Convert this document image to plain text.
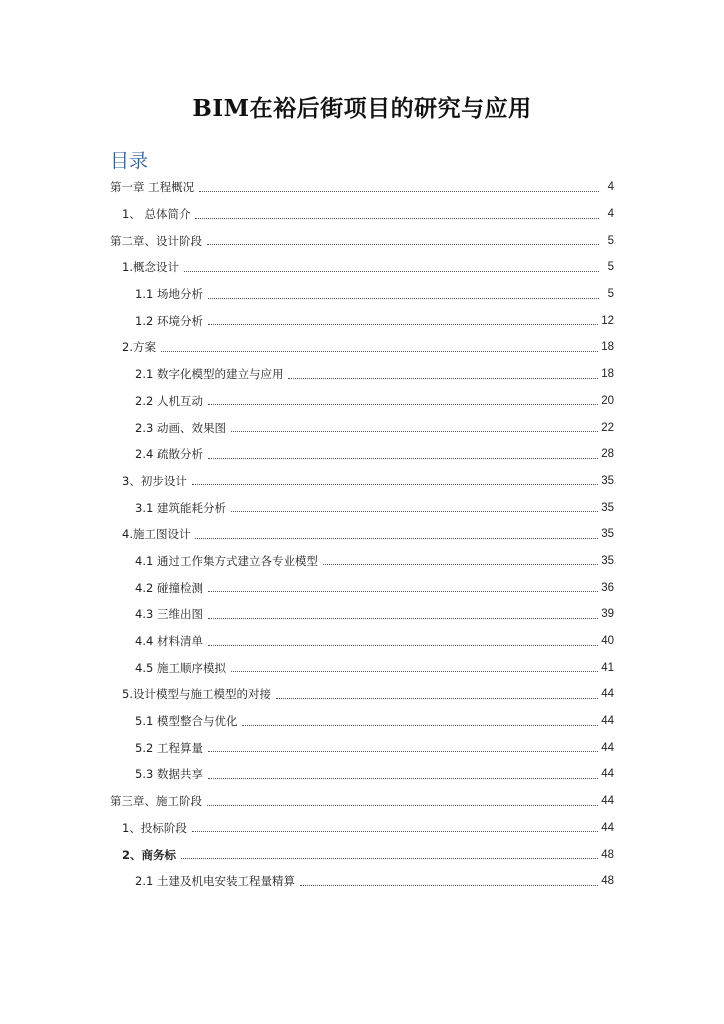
BIM在裕后街项目的研究与应用
目录
第一章 工程概况	4
1、 总体简介	4
第二章、设计阶段	5
1.概念设计	5
1.1 场地分析	5
1.2 环境分析	12
2.方案	18
2.1 数字化模型的建立与应用	18
2.2 人机互动	20
2.3 动画、效果图	22
2.4 疏散分析	28
3、初步设计	35
3.1 建筑能耗分析	35
4.施工图设计	35
4.1 通过工作集方式建立各专业模型	35
4.2 碰撞检测	36
4.3 三维出图	39
4.4 材料清单	40
4.5 施工顺序模拟	41
5.设计模型与施工模型的对接	44
5.1 模型整合与优化	44
5.2 工程算量	44
5.3 数据共享	44
第三章、施工阶段	44
1、投标阶段	44
2、商务标	48
2.1 土建及机电安装工程量精算	48
